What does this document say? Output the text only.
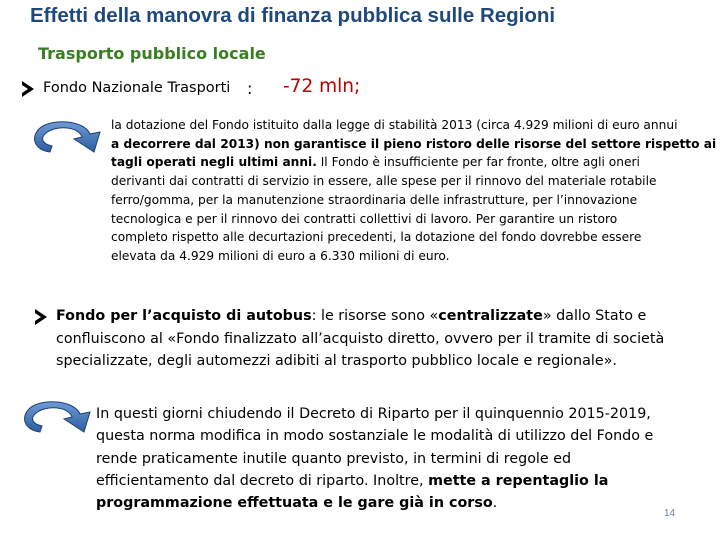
Effetti della manovra di finanza pubblica sulle Regioni
Trasporto pubblico locale
Fondo Nazionale Trasporti : -72 mln;
la dotazione del Fondo istituito dalla legge di stabilità 2013 (circa 4.929 milioni di euro annui
a decorrere dal 2013) non garantisce il pieno ristoro delle risorse del settore rispetto ai
tagli operati negli ultimi anni. Il Fondo è insufficiente per far fronte, oltre agli oneri
derivanti dai contratti di servizio in essere, alle spese per il rinnovo del materiale rotabile
ferro/gomma, per la manutenzione straordinaria delle infrastrutture, per l’innovazione
tecnologica e per il rinnovo dei contratti collettivi di lavoro. Per garantire un ristoro
completo rispetto alle decurtazioni precedenti, la dotazione del fondo dovrebbe essere
elevata da 4.929 milioni di euro a 6.330 milioni di euro.
Fondo per l’acquisto di autobus: le risorse sono «centralizzate» dallo Stato e
confluiscono al «Fondo finalizzato all’acquisto diretto, ovvero per il tramite di società
specializzate, degli automezzi adibiti al trasporto pubblico locale e regionale».
In questi giorni chiudendo il Decreto di Riparto per il quinquennio 2015-2019,
questa norma modifica in modo sostanziale le modalità di utilizzo del Fondo e
rende praticamente inutile quanto previsto, in termini di regole ed
efficientamento dal decreto di riparto. Inoltre, mette a repentaglio la
programmazione effettuata e le gare già in corso.
14
